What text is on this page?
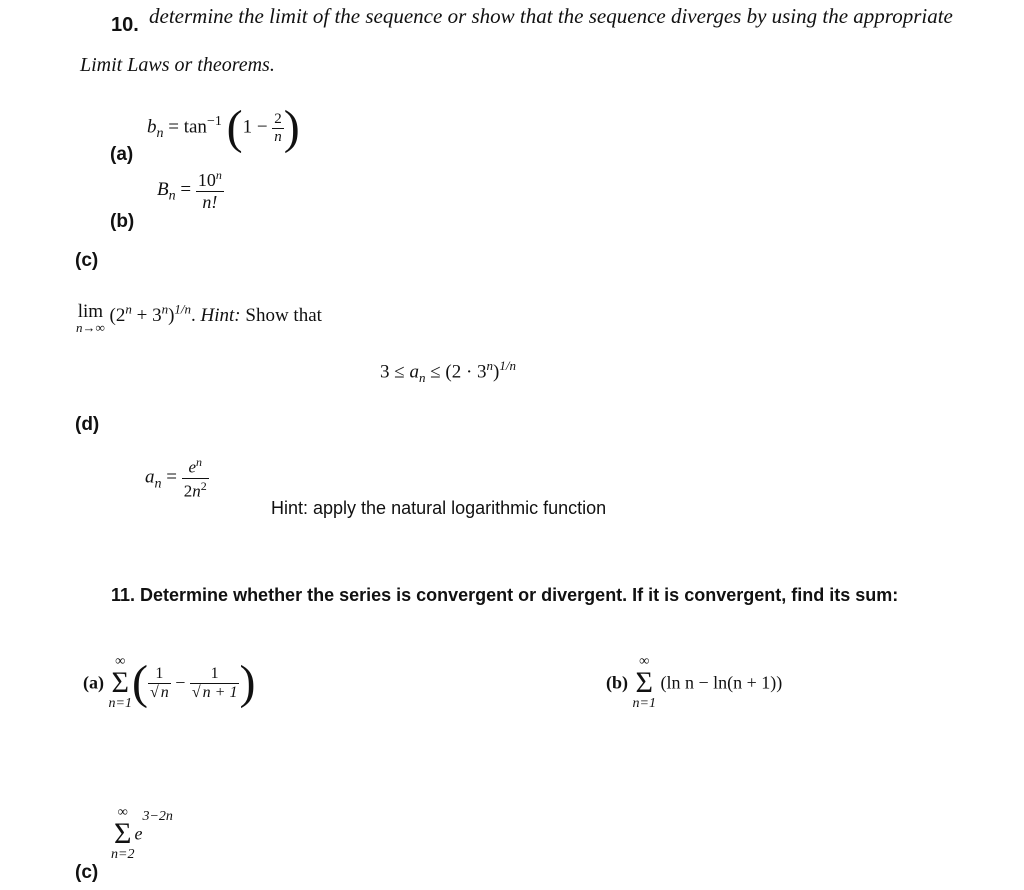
10. determine the limit of the sequence or show that the sequence diverges by using the appropriate
Limit Laws or theorems.
$b_n = \tan^{-1} (1 - \frac{2}{n}$ )
(a)
$B_n = \frac{10^n}{n!}$
(b)
(c)
lim
n→∞
$(2^n + 3^n)^{1/n}$. Hint: Show that
$3 \le a_n \le (2 \cdot 3^n)^{1/n}$
(d)
$a_n = \frac{e^n}{2n^2}$
Hint: apply the natural logarithmic function
11. Determine whether the series is convergent or divergent. If it is convergent, find its sum:
(a)
∞
Σ
n=1 ( $\frac{1}{√ n} - \frac{1}{√ n + 1}$ )	(b)
∞
Σ
n=1
(ln n − ln(n + 1))
∞
Σ
n=2
$e^{3-2n}$
(c)
